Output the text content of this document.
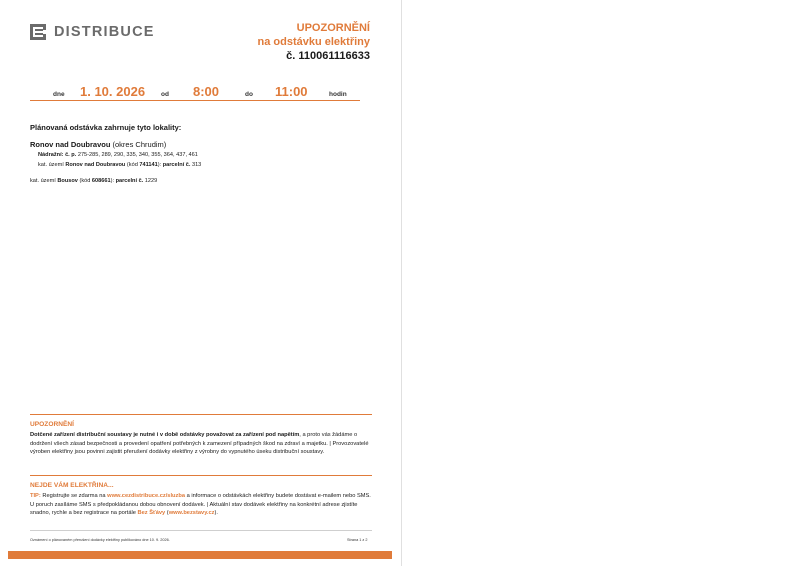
DISTRIBUCE	UPOZORNĚNÍ
na odstávku elektřiny
č. 110061116633
dne 1. 10. 2026 od 8:00	do 11:00	hodin
Plánovaná odstávka zahrnuje tyto lokality:
Ronov nad Doubravou (okres Chrudim)
Nádražní: č. p. 275-285, 289, 290, 335, 340, 355, 364, 437, 461
kat. území Ronov nad Doubravou (kód 741141): parcelní č. 313
kat. území Bousov (kód 608661): parcelní č. 1229
UPOZORNĚNÍ
Dotčené zařízení distribuční soustavy je nutné i v době odstávky považovat za zařízení pod napětím, a proto vás žádáme o dodržení všech zásad bezpečnosti a provedení opatření potřebných k zamezení případných škod na zdraví a majetku. | Provozovatelé výroben elektřiny jsou povinni zajistit přerušení dodávky elektřiny z výrobny do vypnutého úseku distribuční soustavy.
NEJDE VÁM ELEKTŘINA...
TIP: Registrujte se zdarma na www.cezdistribuce.cz/sluzba a informace o odstávkách elektřiny budete dostávat e-mailem nebo SMS. U poruch zasíláme SMS s předpokládanou dobou obnovení dodávek. | Aktuální stav dodávek elektřiny na konkrétní adrese zjistíte snadno, rychle a bez registrace na portále Bez Šťávy (www.bezstavy.cz).
Oznámení o plánovaném přerušení dodávky elektřiny publikováno dne 10. 9. 2026.	Strana 1 z 2
